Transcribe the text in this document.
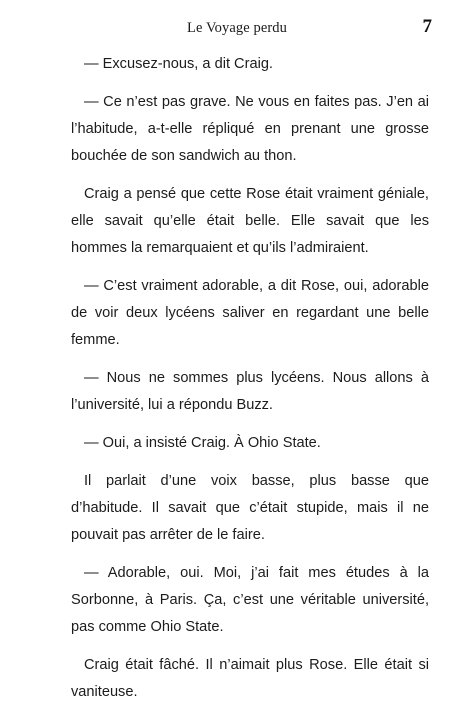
Le Voyage perdu	7

— Excusez-nous, a dit Craig.

— Ce n’est pas grave. Ne vous en faites pas. J’en ai l’habitude, a-t-elle répliqué en prenant une grosse bouchée de son sandwich au thon.

Craig a pensé que cette Rose était vraiment géniale, elle savait qu’elle était belle. Elle savait que les hommes la remarquaient et qu’ils l’admiraient.

— C’est vraiment adorable, a dit Rose, oui, adorable de voir deux lycéens saliver en regardant une belle femme.

— Nous ne sommes plus lycéens. Nous allons à l’université, lui a répondu Buzz.

— Oui, a insisté Craig. À Ohio State.

Il parlait d’une voix basse, plus basse que d’habitude. Il savait que c’était stupide, mais il ne pouvait pas arrêter de le faire.

— Adorable, oui. Moi, j’ai fait mes études à la Sorbonne, à Paris. Ça, c’est une véritable université, pas comme Ohio State.

Craig était fâché. Il n’aimait plus Rose. Elle était si vaniteuse.
